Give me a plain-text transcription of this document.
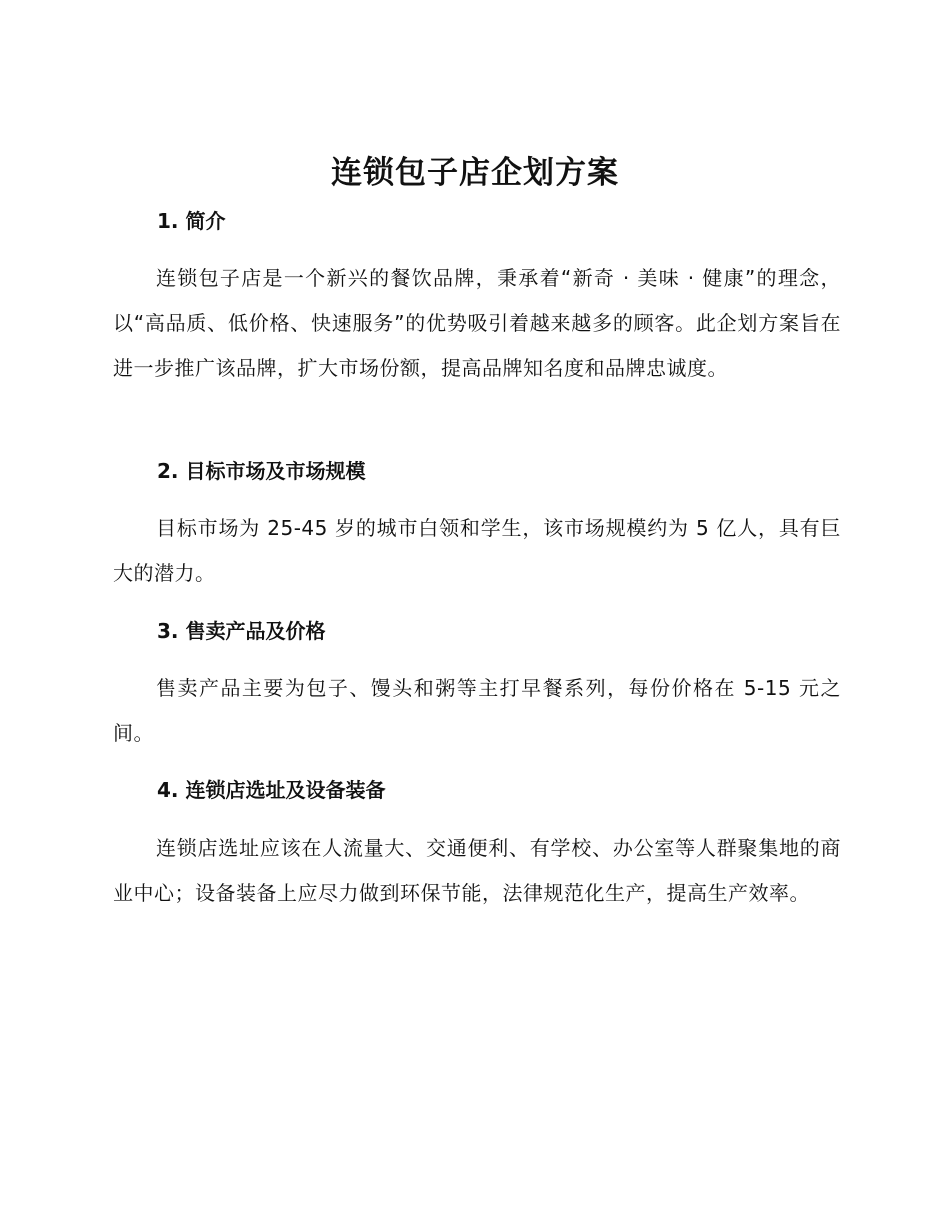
连锁包子店企划方案
1. 简介

连锁包子店是一个新兴的餐饮品牌，秉承着“新奇 · 美味 · 健康”的理念，以“高品质、低价格、快速服务”的优势吸引着越来越多的顾客。此企划方案旨在进一步推广该品牌，扩大市场份额，提高品牌知名度和品牌忠诚度。

2. 目标市场及市场规模

目标市场为 25-45 岁的城市白领和学生，该市场规模约为 5 亿人，具有巨大的潜力。

3. 售卖产品及价格

售卖产品主要为包子、馒头和粥等主打早餐系列，每份价格在 5-15 元之间。

4. 连锁店选址及设备装备

连锁店选址应该在人流量大、交通便利、有学校、办公室等人群聚集地的商业中心；设备装备上应尽力做到环保节能，法律规范化生产，提高生产效率。
